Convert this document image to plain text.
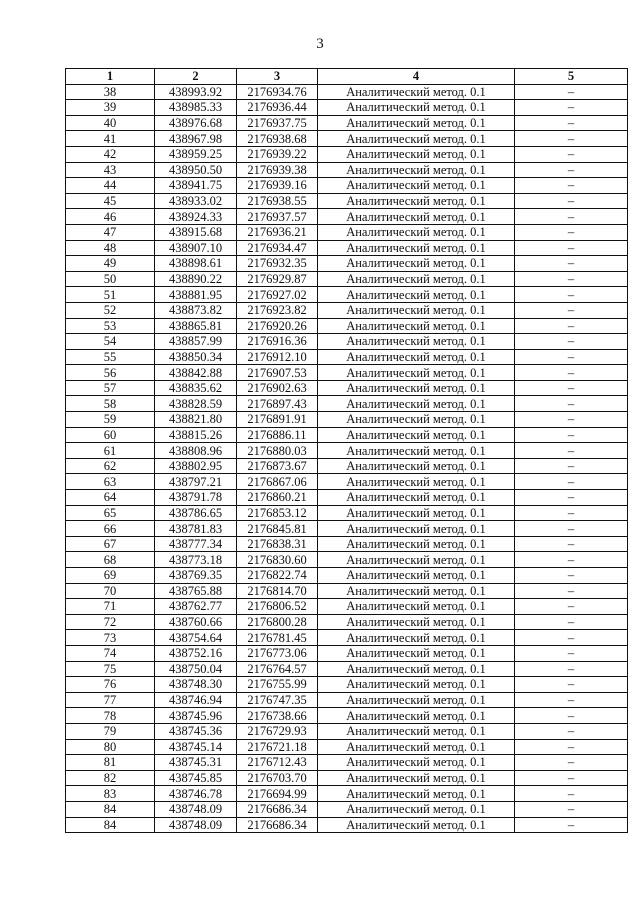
3
1	2	3	4	5
38	438993.92	2176934.76	Аналитический метод. 0.1	–
39	438985.33	2176936.44	Аналитический метод. 0.1	–
40	438976.68	2176937.75	Аналитический метод. 0.1	–
41	438967.98	2176938.68	Аналитический метод. 0.1	–
42	438959.25	2176939.22	Аналитический метод. 0.1	–
43	438950.50	2176939.38	Аналитический метод. 0.1	–
44	438941.75	2176939.16	Аналитический метод. 0.1	–
45	438933.02	2176938.55	Аналитический метод. 0.1	–
46	438924.33	2176937.57	Аналитический метод. 0.1	–
47	438915.68	2176936.21	Аналитический метод. 0.1	–
48	438907.10	2176934.47	Аналитический метод. 0.1	–
49	438898.61	2176932.35	Аналитический метод. 0.1	–
50	438890.22	2176929.87	Аналитический метод. 0.1	–
51	438881.95	2176927.02	Аналитический метод. 0.1	–
52	438873.82	2176923.82	Аналитический метод. 0.1	–
53	438865.81	2176920.26	Аналитический метод. 0.1	–
54	438857.99	2176916.36	Аналитический метод. 0.1	–
55	438850.34	2176912.10	Аналитический метод. 0.1	–
56	438842.88	2176907.53	Аналитический метод. 0.1	–
57	438835.62	2176902.63	Аналитический метод. 0.1	–
58	438828.59	2176897.43	Аналитический метод. 0.1	–
59	438821.80	2176891.91	Аналитический метод. 0.1	–
60	438815.26	2176886.11	Аналитический метод. 0.1	–
61	438808.96	2176880.03	Аналитический метод. 0.1	–
62	438802.95	2176873.67	Аналитический метод. 0.1	–
63	438797.21	2176867.06	Аналитический метод. 0.1	–
64	438791.78	2176860.21	Аналитический метод. 0.1	–
65	438786.65	2176853.12	Аналитический метод. 0.1	–
66	438781.83	2176845.81	Аналитический метод. 0.1	–
67	438777.34	2176838.31	Аналитический метод. 0.1	–
68	438773.18	2176830.60	Аналитический метод. 0.1	–
69	438769.35	2176822.74	Аналитический метод. 0.1	–
70	438765.88	2176814.70	Аналитический метод. 0.1	–
71	438762.77	2176806.52	Аналитический метод. 0.1	–
72	438760.66	2176800.28	Аналитический метод. 0.1	–
73	438754.64	2176781.45	Аналитический метод. 0.1	–
74	438752.16	2176773.06	Аналитический метод. 0.1	–
75	438750.04	2176764.57	Аналитический метод. 0.1	–
76	438748.30	2176755.99	Аналитический метод. 0.1	–
77	438746.94	2176747.35	Аналитический метод. 0.1	–
78	438745.96	2176738.66	Аналитический метод. 0.1	–
79	438745.36	2176729.93	Аналитический метод. 0.1	–
80	438745.14	2176721.18	Аналитический метод. 0.1	–
81	438745.31	2176712.43	Аналитический метод. 0.1	–
82	438745.85	2176703.70	Аналитический метод. 0.1	–
83	438746.78	2176694.99	Аналитический метод. 0.1	–
84	438748.09	2176686.34	Аналитический метод. 0.1	–
84	438748.09	2176686.34	Аналитический метод. 0.1	–
